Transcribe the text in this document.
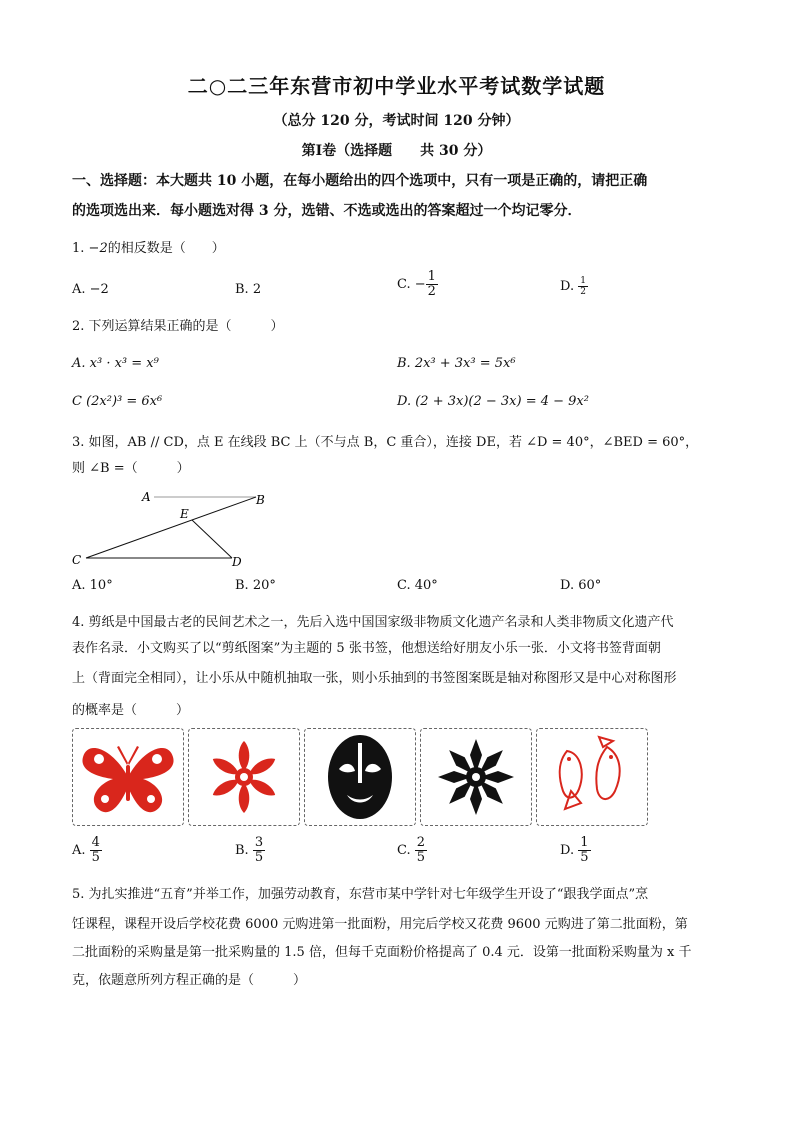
二○二三年东营市初中学业水平考试数学试题
（总分 120 分，考试时间 120 分钟）
第Ⅰ卷（选择题　　共 30 分）
一、选择题：本大题共 10 小题，在每小题给出的四个选项中，只有一项是正确的，请把正确
的选项选出来．每小题选对得 3 分，选错、不选或选出的答案超过一个均记零分．
1. −2的相反数是（　　）
A. −2	B. 2	C. − $\frac{1}{2}$	D. $\frac{1}{2}$
2. 下列运算结果正确的是（　　　）
A. x³ · x³ = x⁹	B. 2x³ + 3x³ = 5x⁶
C (2x²)³ = 6x⁶	D. (2 + 3x)(2 − 3x) = 4 − 9x²
3. 如图，AB // CD，点 E 在线段 BC 上（不与点 B，C 重合），连接 DE，若 ∠D = 40°，∠BED = 60°，
则 ∠B =（　　　）
A	B
E
C	D
A. 10°	B. 20°	C. 40°	D. 60°
4. 剪纸是中国最古老的民间艺术之一，先后入选中国国家级非物质文化遗产名录和人类非物质文化遗产代
表作名录．小文购买了以“剪纸图案”为主题的 5 张书签，他想送给好朋友小乐一张．小文将书签背面朝
上（背面完全相同），让小乐从中随机抽取一张，则小乐抽到的书签图案既是轴对称图形又是中心对称图形
的概率是（　　　）
A. $\frac{4}{5}$	B. $\frac{3}{5}$	C. $\frac{2}{5}$	D. $\frac{1}{5}$
5. 为扎实推进“五育”并举工作，加强劳动教育，东营市某中学针对七年级学生开设了“跟我学面点”烹
饪课程，课程开设后学校花费 6000 元购进第一批面粉，用完后学校又花费 9600 元购进了第二批面粉，第
二批面粉的采购量是第一批采购量的 1.5 倍，但每千克面粉价格提高了 0.4 元．设第一批面粉采购量为 x 千
克，依题意所列方程正确的是（　　　）
